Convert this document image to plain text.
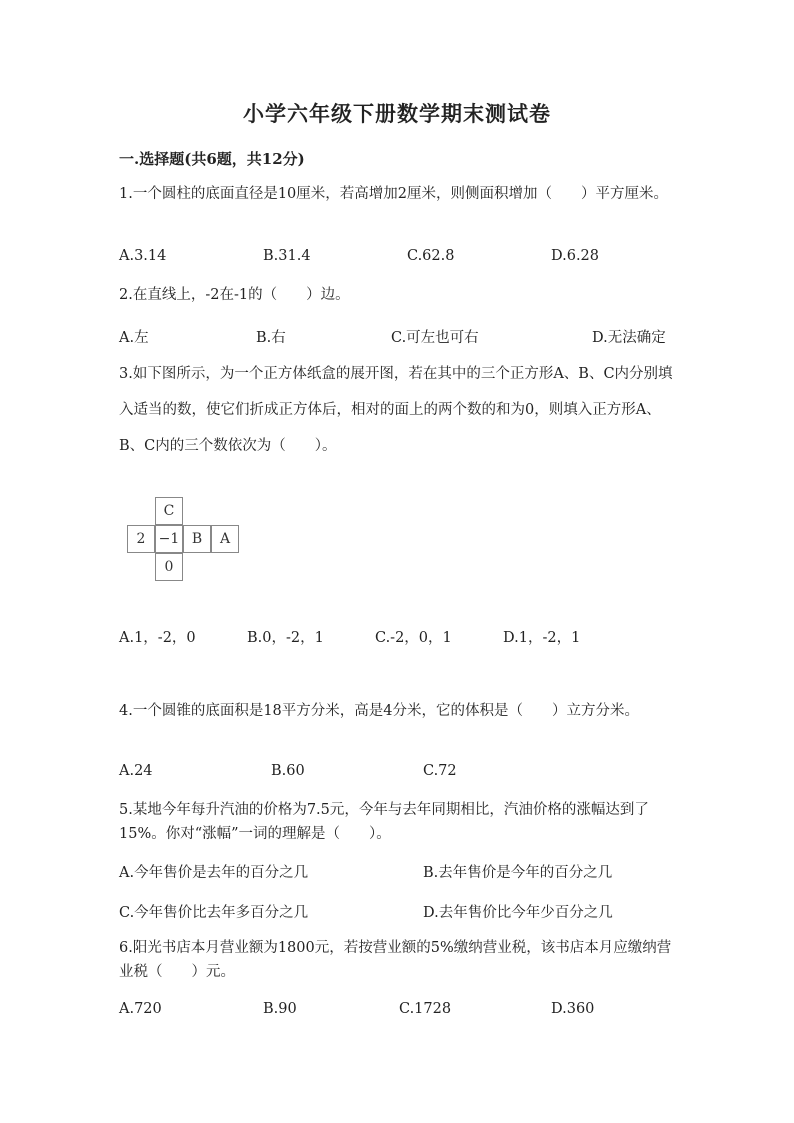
小学六年级下册数学期末测试卷
一.选择题(共6题，共12分)
1.一个圆柱的底面直径是10厘米，若高增加2厘米，则侧面积增加（　　）平方厘米。
A.3.14	B.31.4	C.62.8	D.6.28
2.在直线上，-2在-1的（　　）边。
A.左	B.右	C.可左也可右	D.无法确定
3.如下图所示，为一个正方体纸盒的展开图，若在其中的三个正方形A、B、C内分别填入适当的数，使它们折成正方体后，相对的面上的两个数的和为0，则填入正方形A、B、C内的三个数依次为（　　）。
C
2 −1 B	A
0
A.1，-2，0	B.0，-2，1	C.-2，0，1	D.1，-2，1
4.一个圆锥的底面积是18平方分米，高是4分米，它的体积是（　　）立方分米。
A.24	B.60	C.72
5.某地今年每升汽油的价格为7.5元，今年与去年同期相比，汽油价格的涨幅达到了15%。你对“涨幅”一词的理解是（　　）。
A.今年售价是去年的百分之几	B.去年售价是今年的百分之几
C.今年售价比去年多百分之几	D.去年售价比今年少百分之几
6.阳光书店本月营业额为1800元，若按营业额的5%缴纳营业税，该书店本月应缴纳营业税（　　）元。
A.720	B.90	C.1728	D.360
